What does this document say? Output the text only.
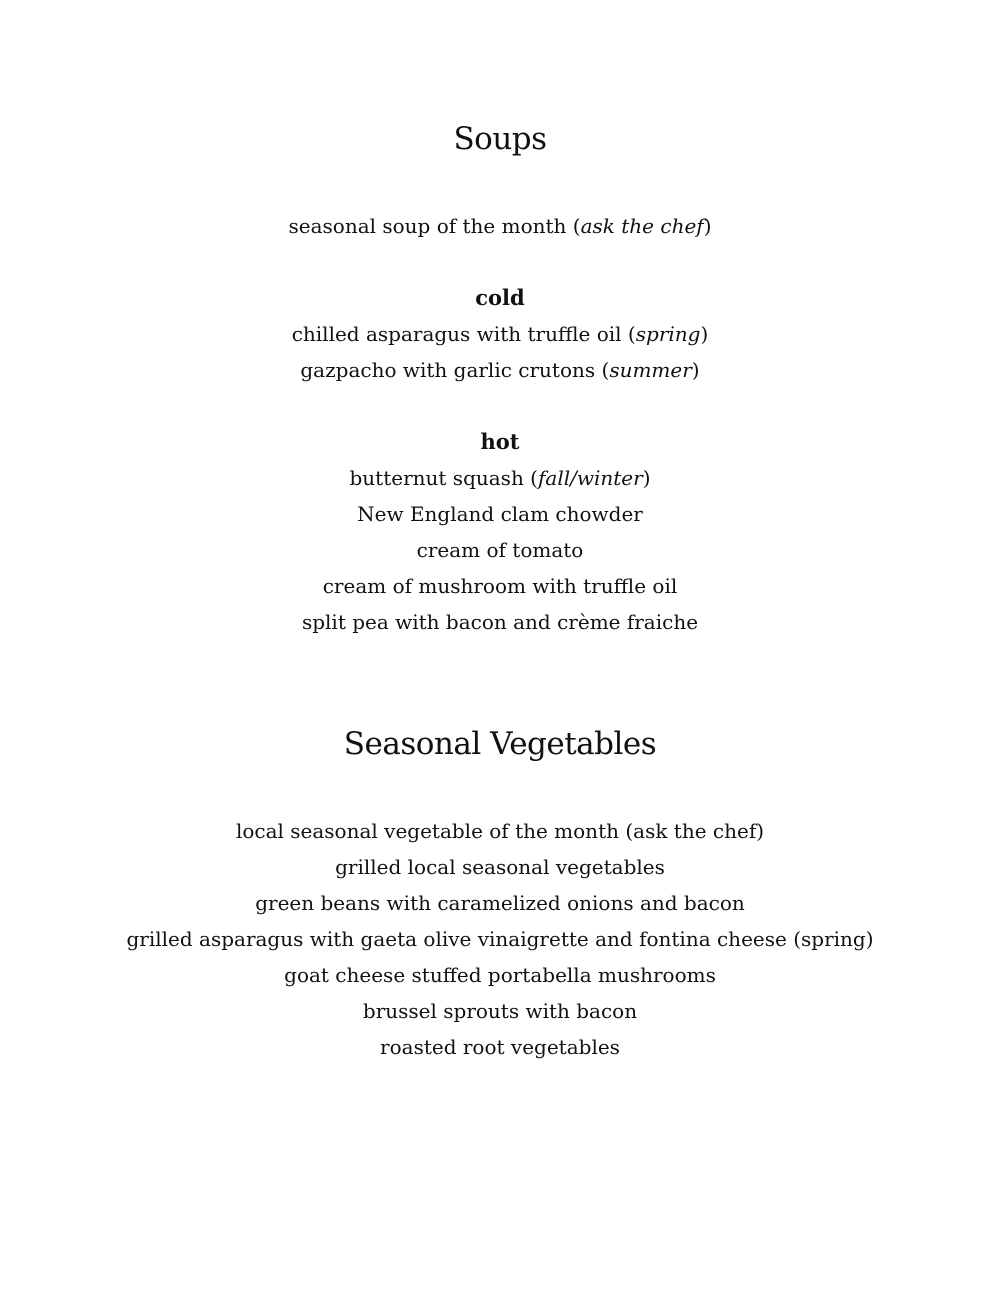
Soups
seasonal soup of the month (ask the chef)
cold
chilled asparagus with truffle oil (spring)
gazpacho with garlic crutons (summer)
hot
butternut squash (fall/winter)
New England clam chowder
cream of tomato
cream of mushroom with truffle oil
split pea with bacon and crème fraiche
Seasonal Vegetables
local seasonal vegetable of the month (ask the chef)
grilled local seasonal vegetables
green beans with caramelized onions and bacon
grilled asparagus with gaeta olive vinaigrette and fontina cheese (spring)
goat cheese stuffed portabella mushrooms
brussel sprouts with bacon
roasted root vegetables
